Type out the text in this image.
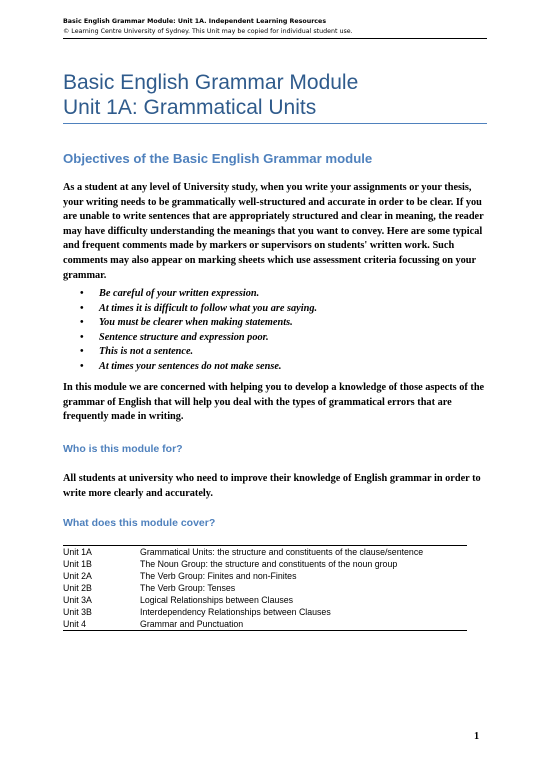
Basic English Grammar Module: Unit 1A. Independent Learning Resources
© Learning Centre University of Sydney. This Unit may be copied for individual student use.
Basic English Grammar Module
Unit 1A: Grammatical Units
Objectives of the Basic English Grammar module
As a student at any level of University study, when you write your assignments or your thesis, your writing needs to be grammatically well-structured and accurate in order to be clear. If you are unable to write sentences that are appropriately structured and clear in meaning, the reader may have difficulty understanding the meanings that you want to convey. Here are some typical and frequent comments made by markers or supervisors on students' written work. Such comments may also appear on marking sheets which use assessment criteria focussing on your grammar.
• Be careful of your written expression.
• At times it is difficult to follow what you are saying.
• You must be clearer when making statements.
• Sentence structure and expression poor.
• This is not a sentence.
• At times your sentences do not make sense.
In this module we are concerned with helping you to develop a knowledge of those aspects of the grammar of English that will help you deal with the types of grammatical errors that are frequently made in writing.
Who is this module for?
All students at university who need to improve their knowledge of English grammar in order to write more clearly and accurately.
What does this module cover?
Unit 1A	Grammatical Units: the structure and constituents of the clause/sentence
Unit 1B	The Noun Group: the structure and constituents of the noun group
Unit 2A	The Verb Group: Finites and non-Finites
Unit 2B	The Verb Group: Tenses
Unit 3A	Logical Relationships between Clauses
Unit 3B	Interdependency Relationships between Clauses
Unit 4	Grammar and Punctuation
1
